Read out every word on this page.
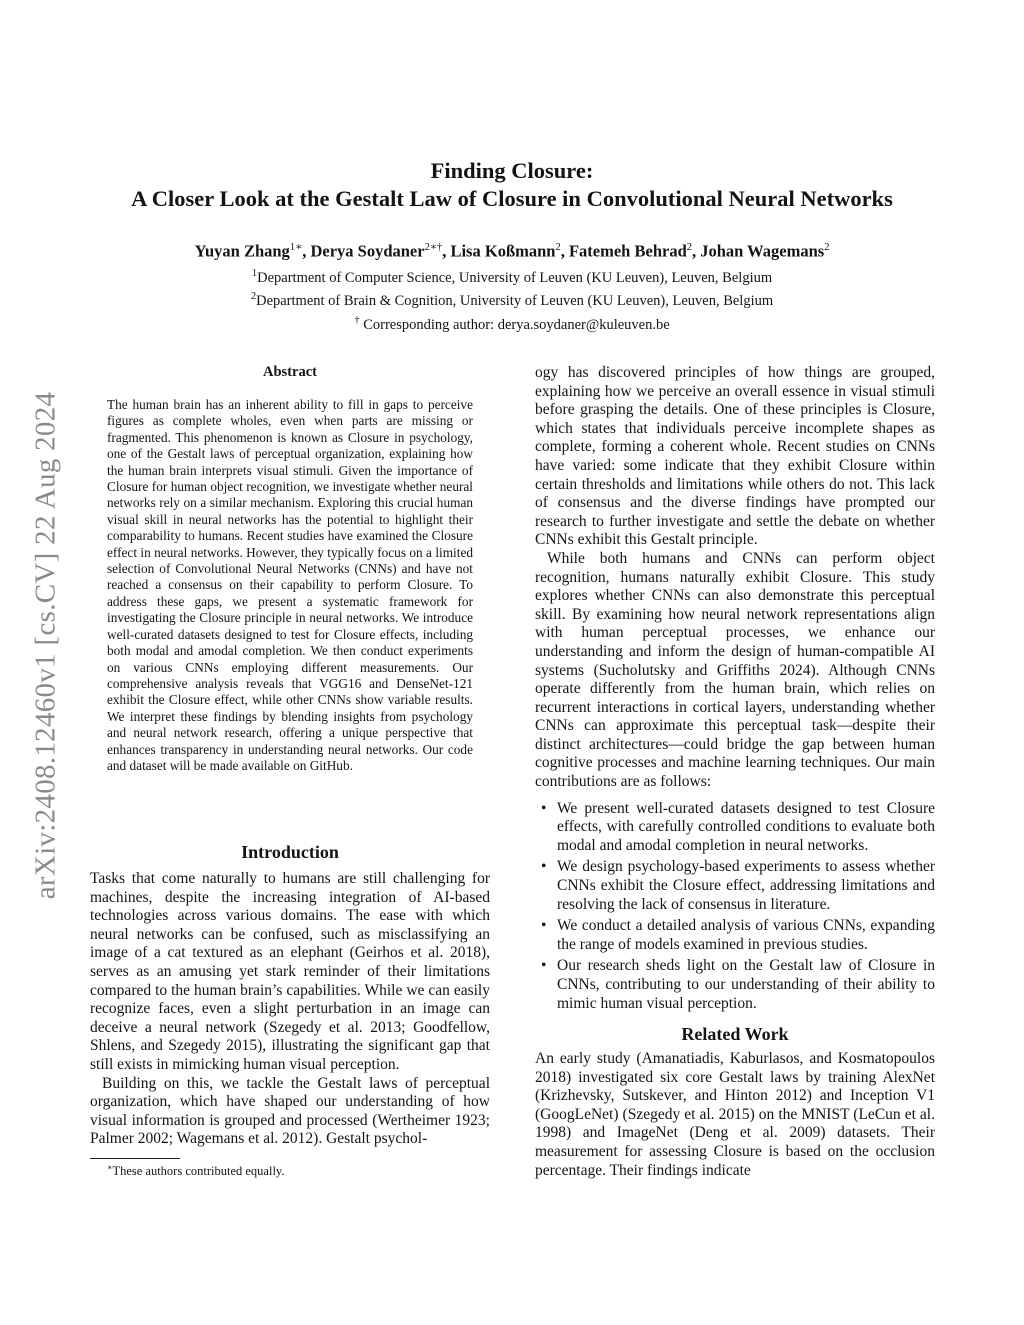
arXiv:2408.12460v1 [cs.CV] 22 Aug 2024
Finding Closure:
A Closer Look at the Gestalt Law of Closure in Convolutional Neural Networks
Yuyan Zhang$^{1∗}$, Derya Soydaner$^{2∗\dagger}$, Lisa Koßmann$^2$, Fatemeh Behrad$^2$, Johan Wagemans$^2$
$^1$Department of Computer Science, University of Leuven (KU Leuven), Leuven, Belgium
$^2$Department of Brain & Cognition, University of Leuven (KU Leuven), Leuven, Belgium
† Corresponding author: derya.soydaner@kuleuven.be
Abstract
The human brain has an inherent ability to fill in gaps to perceive figures as complete wholes, even when parts are missing or fragmented. This phenomenon is known as Closure in psychology, one of the Gestalt laws of perceptual organization, explaining how the human brain interprets visual stimuli. Given the importance of Closure for human object recognition, we investigate whether neural networks rely on a similar mechanism. Exploring this crucial human visual skill in neural networks has the potential to highlight their comparability to humans. Recent studies have examined the Closure effect in neural networks. However, they typically focus on a limited selection of Convolutional Neural Networks (CNNs) and have not reached a consensus on their capability to perform Closure. To address these gaps, we present a systematic framework for investigating the Closure principle in neural networks. We introduce well-curated datasets designed to test for Closure effects, including both modal and amodal completion. We then conduct experiments on various CNNs employing different measurements. Our comprehensive analysis reveals that VGG16 and DenseNet-121 exhibit the Closure effect, while other CNNs show variable results. We interpret these findings by blending insights from psychology and neural network research, offering a unique perspective that enhances transparency in understanding neural networks. Our code and dataset will be made available on GitHub.
Introduction

Tasks that come naturally to humans are still challenging for machines, despite the increasing integration of AI-based technologies across various domains. The ease with which neural networks can be confused, such as misclassifying an image of a cat textured as an elephant (Geirhos et al. 2018), serves as an amusing yet stark reminder of their limitations compared to the human brain’s capabilities. While we can easily recognize faces, even a slight perturbation in an image can deceive a neural network (Szegedy et al. 2013; Goodfellow, Shlens, and Szegedy 2015), illustrating the significant gap that still exists in mimicking human visual perception.

Building on this, we tackle the Gestalt laws of perceptual organization, which have shaped our understanding of how visual information is grouped and processed (Wertheimer 1923; Palmer 2002; Wagemans et al. 2012). Gestalt psychol-

ogy has discovered principles of how things are grouped, explaining how we perceive an overall essence in visual stimuli before grasping the details. One of these principles is Closure, which states that individuals perceive incomplete shapes as complete, forming a coherent whole. Recent studies on CNNs have varied: some indicate that they exhibit Closure within certain thresholds and limitations while others do not. This lack of consensus and the diverse findings have prompted our research to further investigate and settle the debate on whether CNNs exhibit this Gestalt principle.

While both humans and CNNs can perform object recognition, humans naturally exhibit Closure. This study explores whether CNNs can also demonstrate this perceptual skill. By examining how neural network representations align with human perceptual processes, we enhance our understanding and inform the design of human-compatible AI systems (Sucholutsky and Griffiths 2024). Although CNNs operate differently from the human brain, which relies on recurrent interactions in cortical layers, understanding whether CNNs can approximate this perceptual task—despite their distinct architectures—could bridge the gap between human cognitive processes and machine learning techniques. Our main contributions are as follows:

• We present well-curated datasets designed to test Closure effects, with carefully controlled conditions to evaluate both modal and amodal completion in neural networks.
• We design psychology-based experiments to assess whether CNNs exhibit the Closure effect, addressing limitations and resolving the lack of consensus in literature.
• We conduct a detailed analysis of various CNNs, expanding the range of models examined in previous studies.
• Our research sheds light on the Gestalt law of Closure in CNNs, contributing to our understanding of their ability to mimic human visual perception.
Related Work

An early study (Amanatiadis, Kaburlasos, and Kosmatopoulos 2018) investigated six core Gestalt laws by training AlexNet (Krizhevsky, Sutskever, and Hinton 2012) and Inception V1 (GoogLeNet) (Szegedy et al. 2015) on the MNIST (LeCun et al. 1998) and ImageNet (Deng et al. 2009) datasets. Their measurement for assessing Closure is based on the occlusion percentage. Their findings indicate

∗These authors contributed equally.
